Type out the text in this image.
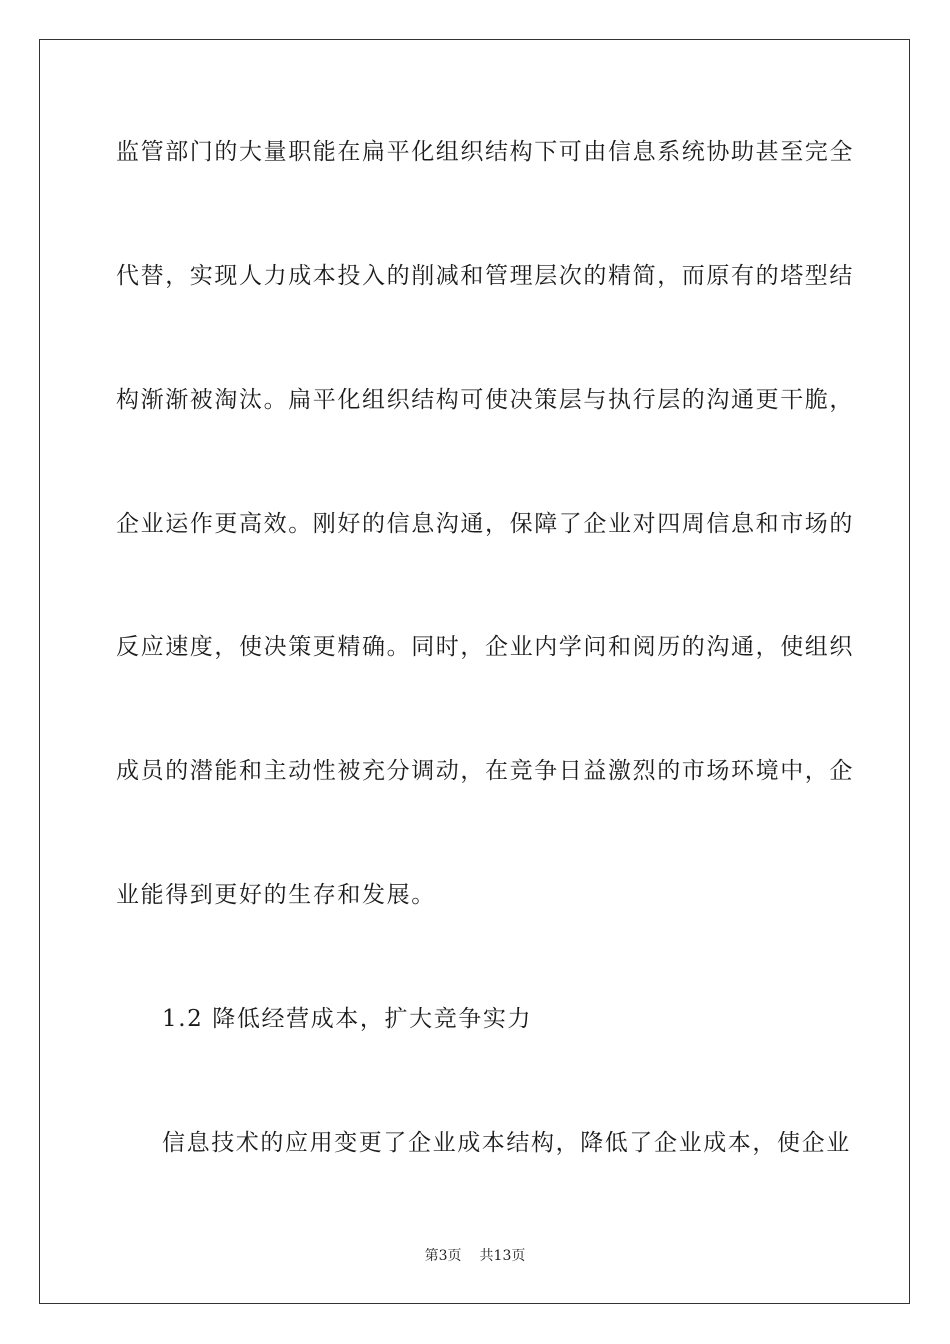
监管部门的大量职能在扁平化组织结构下可由信息系统协助甚至完全
代替，实现人力成本投入的削减和管理层次的精简，而原有的塔型结
构渐渐被淘汰。扁平化组织结构可使决策层与执行层的沟通更干脆，
企业运作更高效。刚好的信息沟通，保障了企业对四周信息和市场的
反应速度，使决策更精确。同时，企业内学问和阅历的沟通，使组织
成员的潜能和主动性被充分调动，在竞争日益激烈的市场环境中，企
业能得到更好的生存和发展。
1.2 降低经营成本，扩大竞争实力
信息技术的应用变更了企业成本结构，降低了企业成本，使企业
第3页 共13页
